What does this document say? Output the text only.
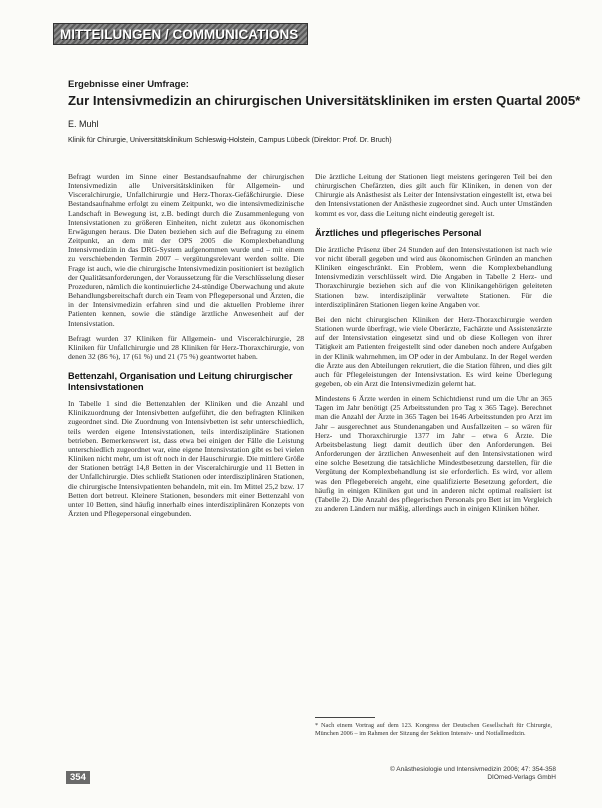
MITTEILUNGEN / COMMUNICATIONS
Ergebnisse einer Umfrage:
Zur Intensivmedizin an chirurgischen Universitätskliniken im ersten Quartal 2005*
E. Muhl
Klinik für Chirurgie, Universitätsklinikum Schleswig-Holstein, Campus Lübeck (Direktor: Prof. Dr. Bruch)

Befragt wurden im Sinne einer Bestandsaufnahme der chirurgischen Intensivmedizin alle Universitätskliniken für Allgemein- und Visceralchirurgie, Unfallchirurgie und Herz-Thorax-Gefäßchirurgie. Diese Bestandsaufnahme erfolgt zu einem Zeitpunkt, wo die intensivmedizinische Landschaft in Bewegung ist, z.B. bedingt durch die Zusammenlegung von Intensivstationen zu größeren Einheiten, nicht zuletzt aus ökonomischen Erwägungen heraus. Die Daten beziehen sich auf die Befragung zu einem Zeitpunkt, an dem mit der OPS 2005 die Komplexbehandlung Intensivmedizin in das DRG-System aufgenommen wurde und – mit einem zu verschiebenden Termin 2007 – vergütungsrelevant werden sollte. Die Frage ist auch, wie die chirurgische Intensivmedizin positioniert ist bezüglich der Qualitätsanforderungen, der Voraussetzung für die Verschlüsselung dieser Prozeduren, nämlich die kontinuierliche 24-stündige Überwachung und akute Behandlungsbereitschaft durch ein Team von Pflegepersonal und Ärzten, die in der Intensivmedizin erfahren sind und die aktuellen Probleme ihrer Patienten kennen, sowie die ständige ärztliche Anwesenheit auf der Intensivstation.

Befragt wurden 37 Kliniken für Allgemein- und Visceralchirurgie, 28 Kliniken für Unfallchirurgie und 28 Kliniken für Herz-Thoraxchirurgie, von denen 32 (86 %), 17 (61 %) und 21 (75 %) geantwortet haben.

Bettenzahl, Organisation und Leitung chirurgischer Intensivstationen

In Tabelle 1 sind die Bettenzahlen der Kliniken und die Anzahl und Klinikzuordnung der Intensivbetten aufgeführt, die den befragten Kliniken zugeordnet sind. Die Zuordnung von Intensivbetten ist sehr unterschiedlich, teils werden eigene Intensivstationen, teils interdisziplinäre Stationen betrieben. Bemerkenswert ist, dass etwa bei einigen der Fälle die Leistung unterschiedlich zugeordnet war, eine eigene Intensivstation gibt es bei vielen Kliniken nicht mehr, um ist oft noch in der Hauschirurgie. Die mittlere Größe der Stationen beträgt 14,8 Betten in der Visceralchirurgie und 11 Betten in der Unfallchirurgie. Dies schließt Stationen oder interdisziplinären Stationen, die chirurgische Intensivpatienten behandeln, mit ein. Im Mittel 25,2 bzw. 17 Betten dort betreut. Kleinere Stationen, besonders mit einer Bettenzahl von unter 10 Betten, sind häufig innerhalb eines interdisziplinären Konzepts von Ärzten und Pflegepersonal eingebunden.

Die ärztliche Leitung der Stationen liegt meistens geringeren Teil bei den chirurgischen Chefärzten, dies gilt auch für Kliniken, in denen von der Chirurgie als Anästhesist als Leiter der Intensivstation eingestellt ist, etwa bei den Intensivstationen der Anästhesie zugeordnet sind. Auch unter Umständen kommt es vor, dass die Leitung nicht eindeutig geregelt ist.

Ärztliches und pflegerisches Personal

Die ärztliche Präsenz über 24 Stunden auf den Intensivstationen ist nach wie vor nicht überall gegeben und wird aus ökonomischen Gründen an manchen Kliniken eingeschränkt. Ein Problem, wenn die Komplexbehandlung Intensivmedizin verschlüsselt wird. Die Angaben in Tabelle 2 Herz- und Thoraxchirurgie beziehen sich auf die von Klinikangehörigen geleiteten Stationen bzw. interdisziplinär verwaltete Stationen. Für die interdisziplinären Stationen liegen keine Angaben vor.

Bei den nicht chirurgischen Kliniken der Herz-Thoraxchirurgie werden Stationen wurde überfragt, wie viele Oberärzte, Fachärzte und Assistenzärzte auf der Intensivstation eingesetzt sind und ob diese Kollegen von ihrer Tätigkeit am Patienten freigestellt sind oder daneben noch andere Aufgaben in der Klinik wahrnehmen, im OP oder in der Ambulanz. In der Regel werden die Ärzte aus den Abteilungen rekrutiert, die die Station führen, und dies gilt auch für Pflegeleistungen der Intensivstation. Es wird keine Überlegung gegeben, ob ein Arzt die Intensivmedizin gelernt hat.

Mindestens 6 Ärzte werden in einem Schichtdienst rund um die Uhr an 365 Tagen im Jahr benötigt (25 Arbeitsstunden pro Tag x 365 Tage). Berechnet man die Anzahl der Ärzte in 365 Tagen bei 1646 Arbeitsstunden pro Arzt im Jahr – ausgerechnet aus Stundenangaben und Ausfallzeiten – so wären für Herz- und Thoraxchirurgie 1377 im Jahr – etwa 6 Ärzte. Die Arbeitsbelastung liegt damit deutlich über den Anforderungen. Bei Anforderungen der ärztlichen Anwesenheit auf den Intensivstationen wird eine solche Besetzung die tatsächliche Mindestbesetzung darstellen, für die Vergütung der Komplexbehandlung ist sie erforderlich. Es wird, vor allem was den Pflegebereich angeht, eine qualifizierte Besetzung gefordert, die häufig in einigen Kliniken gut und in anderen nicht optimal realisiert ist (Tabelle 2). Die Anzahl des pflegerischen Personals pro Bett ist im Vergleich zu anderen Ländern nur mäßig, allerdings auch in einigen Kliniken höher.

* Nach einem Vortrag auf dem 123. Kongress der Deutschen Gesellschaft für Chirurgie, München 2006 – im Rahmen der Sitzung der Sektion Intensiv- und Notfallmedizin.
354
© Anästhesiologie und Intensivmedizin 2006; 47: 354-358
DIOmed-Verlags GmbH
